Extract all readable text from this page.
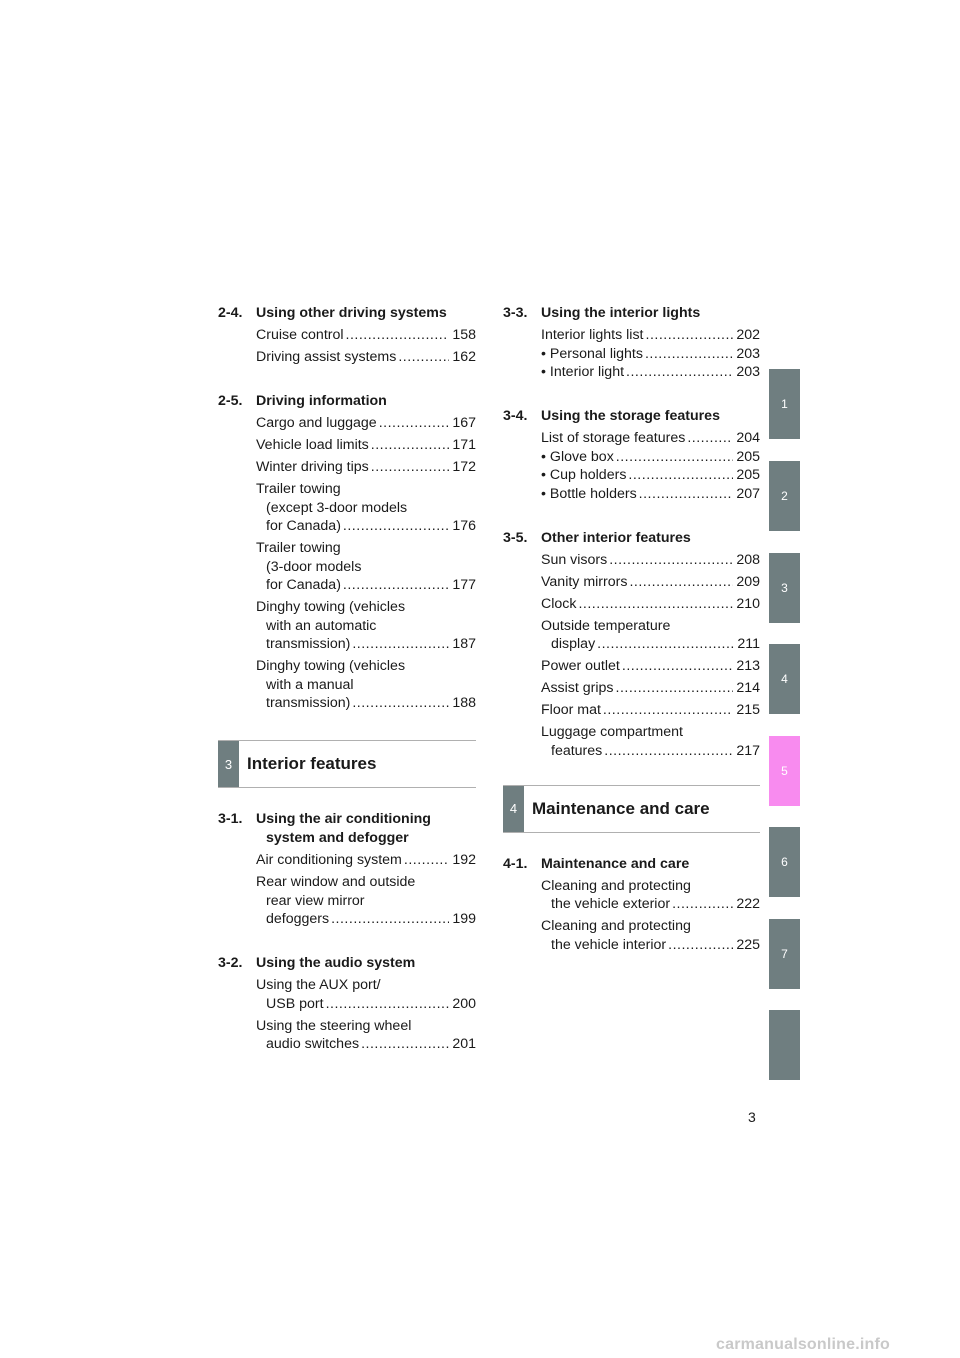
2-4. Using other driving systems
Cruise control .....	158
Driving assist systems .....	162
2-5. Driving information
Cargo and luggage .....	167
Vehicle load limits .....	171
Winter driving tips .....	172
Trailer towing
(except 3-door models
for Canada) .....	176
Trailer towing
(3-door models
for Canada) .....	177
Dinghy towing (vehicles
with an automatic
transmission) .....	187
Dinghy towing (vehicles
with a manual
transmission) .....	188
3 Interior features
3-1. Using the air conditioning
system and defogger
Air conditioning system .....	192
Rear window and outside
rear view mirror
defoggers .....	199
3-2. Using the audio system
Using the AUX port/
USB port .....	200
Using the steering wheel
audio switches .....	201
3-3. Using the interior lights
Interior lights list .....	202
• Personal lights .....	203
• Interior light .....	203
3-4. Using the storage features
List of storage features .....	204
• Glove box .....	205
• Cup holders .....	205
• Bottle holders .....	207
3-5. Other interior features
Sun visors .....	208
Vanity mirrors .....	209
Clock .....	210
Outside temperature
display .....	211
Power outlet .....	213
Assist grips .....	214
Floor mat .....	215
Luggage compartment
features .....	217
4 Maintenance and care
4-1. Maintenance and care
Cleaning and protecting
the vehicle exterior .....	222
Cleaning and protecting
the vehicle interior .....	225
1
2
3
4
5
6
7
3
carmanualsonline.info
